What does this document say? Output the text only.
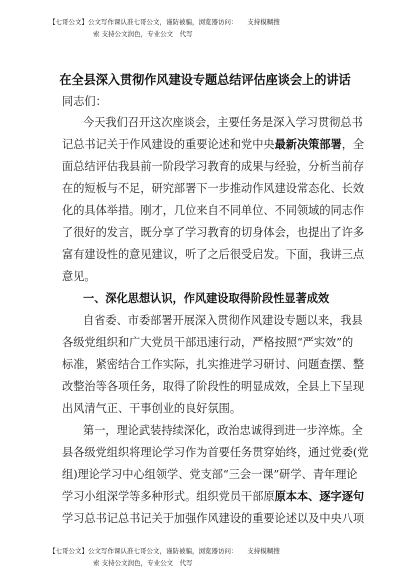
【七哥公文】公文写作课认准七哥公文，谨防被骗，浏览器访问：　　支持模糊搜
索 支持公文润色，专业公文　代写
在全县深入贯彻作风建设专题总结评估座谈会上的讲话
同志们：
今天我们召开这次座谈会，主要任务是深入学习贯彻总书
记总书记关于作风建设的重要论述和党中央最新决策部署，全
面总结评估我县前一阶段学习教育的成果与经验，分析当前存
在的短板与不足，研究部署下一步推动作风建设常态化、长效
化的具体举措。刚才，几位来自不同单位、不同领域的同志作
了很好的发言，既分享了学习教育的切身体会，也提出了许多
富有建设性的意见建议，听了之后很受启发。下面，我讲三点
意见。
一、深化思想认识，作风建设取得阶段性显著成效
自省委、市委部署开展深入贯彻作风建设专题以来，我县
各级党组织和广大党员干部迅速行动，严格按照“严实效”的
标准，紧密结合工作实际，扎实推进学习研讨、问题查摆、整
改整治等各项任务，取得了阶段性的明显成效，全县上下呈现
出风清气正、干事创业的良好氛围。
第一，理论武装持续深化，政治忠诚得到进一步淬炼。全
县各级党组织将理论学习作为首要任务贯穿始终，通过党委(党
组)理论学习中心组领学、党支部“三会一课”研学、青年理论
学习小组深学等多种形式。组织党员干部原原本本、逐字逐句
学习总书记总书记关于加强作风建设的重要论述以及中央八项
【七哥公文】公文写作课认准七哥公文，谨防被骗，浏览器访问：　　支持模糊搜
索 支持公文润色，专业公文　代写
